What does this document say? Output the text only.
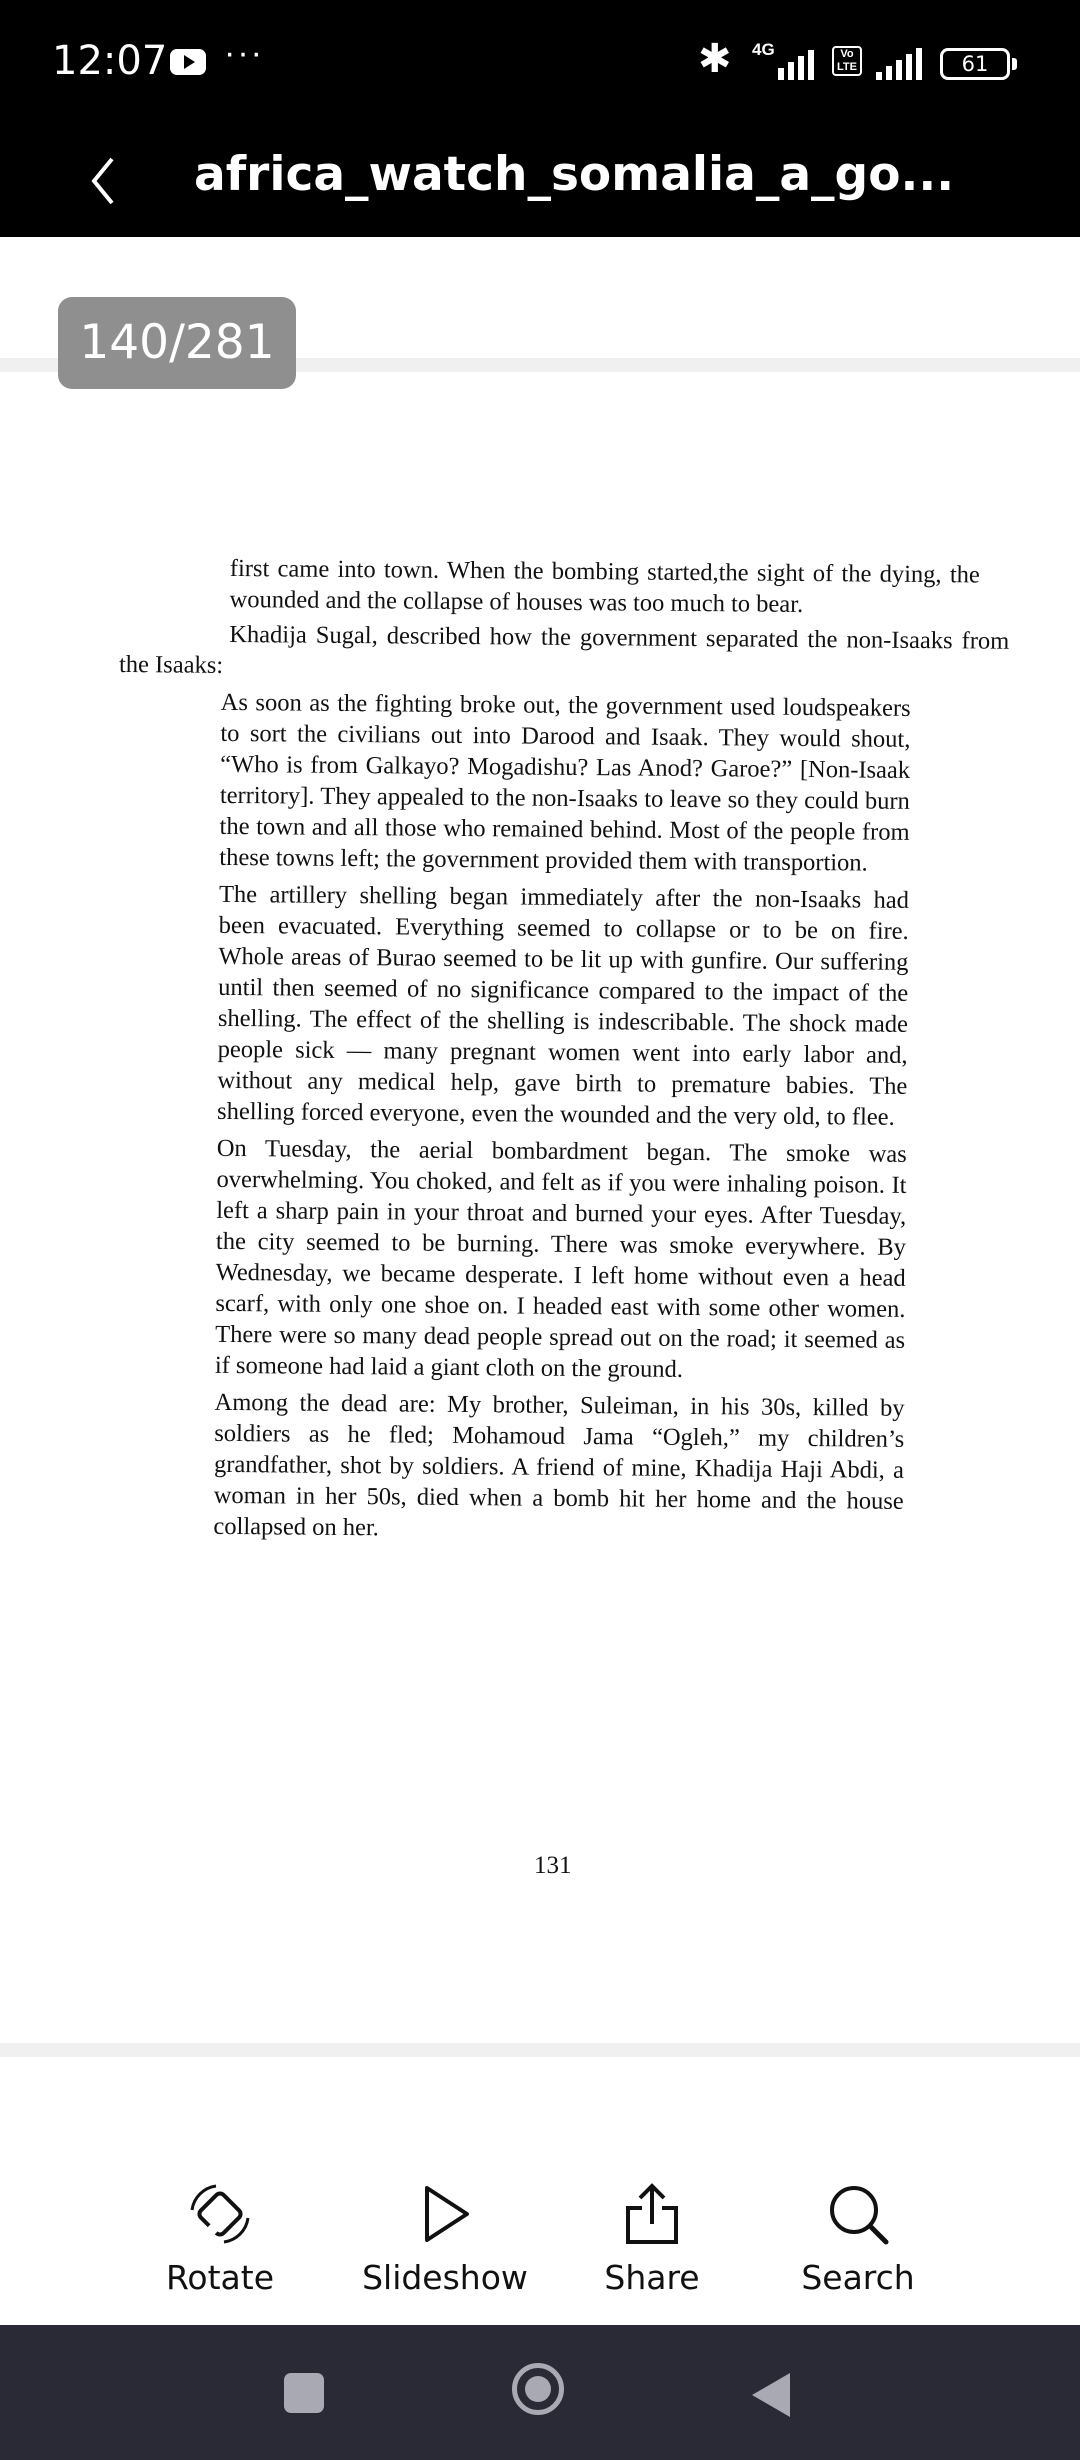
12:07 ···	✱ 4G	Vo LTE	61
africa_watch_somalia_a_go...
140/281

first came into town. When the bombing started,the sight of the dying, the wounded and the collapse of houses was too much to bear.

Khadija Sugal, described how the government separated the non-Isaaks from the Isaaks:

As soon as the fighting broke out, the government used loudspeakers to sort the civilians out into Darood and Isaak. They would shout, “Who is from Galkayo? Mogadishu? Las Anod? Garoe?” [Non-Isaak territory]. They appealed to the non-Isaaks to leave so they could burn the town and all those who remained behind. Most of the people from these towns left; the government provided them with transportion.

The artillery shelling began immediately after the non-Isaaks had been evacuated. Everything seemed to collapse or to be on fire. Whole areas of Burao seemed to be lit up with gunfire. Our suffering until then seemed of no significance compared to the impact of the shelling. The effect of the shelling is indescribable. The shock made people sick — many pregnant women went into early labor and, without any medical help, gave birth to premature babies. The shelling forced everyone, even the wounded and the very old, to flee.

On Tuesday, the aerial bombardment began. The smoke was overwhelming. You choked, and felt as if you were inhaling poison. It left a sharp pain in your throat and burned your eyes. After Tuesday, the city seemed to be burning. There was smoke everywhere. By Wednesday, we became desperate. I left home without even a head scarf, with only one shoe on. I headed east with some other women. There were so many dead people spread out on the road; it seemed as if someone had laid a giant cloth on the ground.

Among the dead are: My brother, Suleiman, in his 30s, killed by soldiers as he fled; Mohamoud Jama “Ogleh,” my children’s grandfather, shot by soldiers. A friend of mine, Khadija Haji Abdi, a woman in her 50s, died when a bomb hit her home and the house collapsed on her.

131
Rotate	Slideshow	Share	Search
